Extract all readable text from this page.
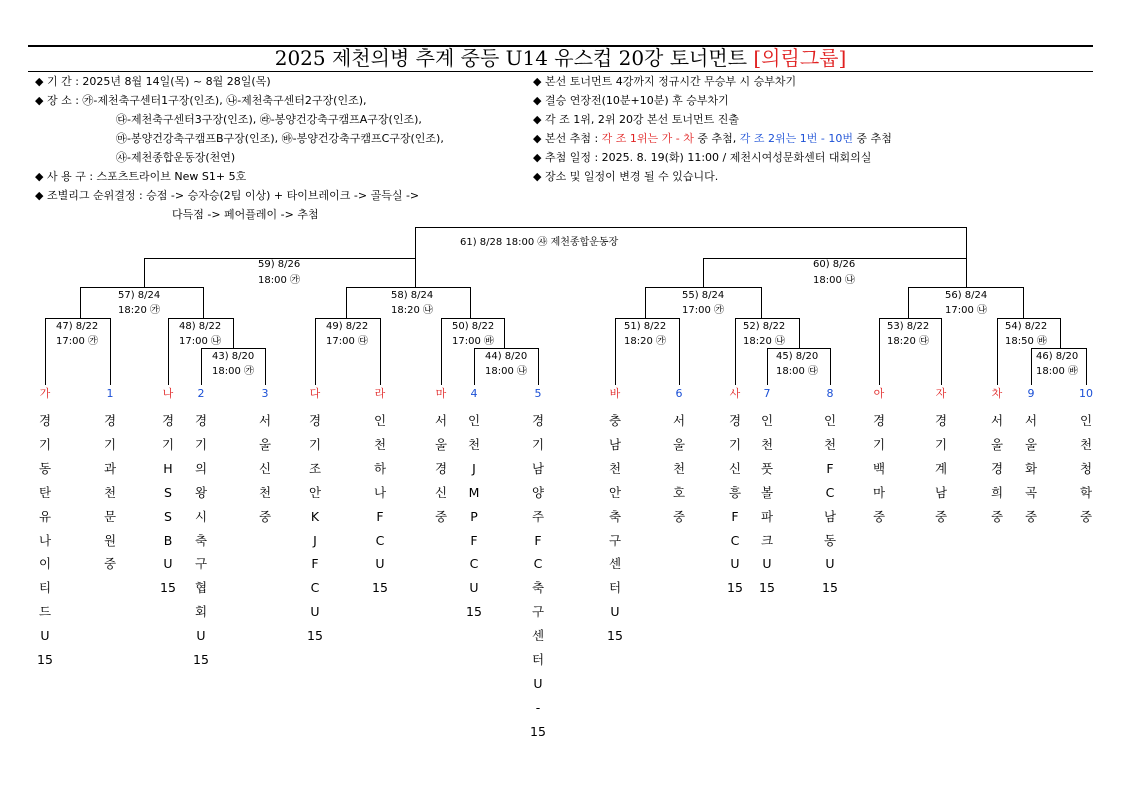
2025 제천의병 추계 중등 U14 유스컵 20강 토너먼트 [의림그룹]
◆ 기 간 : 2025년 8월 14일(목) ~ 8월 28일(목)
◆ 장 소 : ㉮-제천축구센터1구장(인조), ㉯-제천축구센터2구장(인조),
㉰-제천축구센터3구장(인조), ㉱-봉양건강축구캠프A구장(인조),
㉲-봉양건강축구캠프B구장(인조), ㉳-봉양건강축구캠프C구장(인조),
㉴-제천종합운동장(천연)
◆ 사 용 구 : 스포츠트라이브 New S1+ 5호
◆ 조별리그 순위결정 : 승점 -> 승자승(2팀 이상) + 타이브레이크 -> 골득실 ->
다득점 -> 페어플레이 -> 추첨
◆ 본선 토너먼트 4강까지 정규시간 무승부 시 승부차기
◆ 결승 연장전(10분+10분) 후 승부차기
◆ 각 조 1위, 2위 20강 본선 토너먼트 진출
◆ 본선 추첨 : 각 조 1위는 가 - 차 중 추첨, 각 조 2위는 1번 - 10번 중 추첨
◆ 추첨 일정 : 2025. 8. 19(화) 11:00 / 제천시여성문화센터 대회의실
◆ 장소 및 일정이 변경 될 수 있습니다.
61) 8/28 18:00 ㉴ 제천종합운동장
59) 8/26
18:00 ㉮
60) 8/26
18:00 ㉯
57) 8/24
18:20 ㉮
58) 8/24
18:20 ㉯
55) 8/24
17:00 ㉮
56) 8/24
17:00 ㉯
47) 8/22
17:00 ㉮
48) 8/22
17:00 ㉯
43) 8/20
18:00 ㉮
49) 8/22
17:00 ㉰
50) 8/22
17:00 ㉳
44) 8/20
18:00 ㉯
51) 8/22
18:20 ㉮
52) 8/22
18:20 ㉯
45) 8/20
18:00 ㉰
53) 8/22
18:20 ㉰
54) 8/22
18:50 ㉳
46) 8/20
18:00 ㉳
가	1	나	2	3	다	라	마	4	5	바	6	사	7	8	아	자	차	9	10
경
기
동
탄
유
나
이
티
드
U
15
경
기
과
천
문
원
중
경
기
H
S
S
B
U
15
경
기
의
왕
시
축
구
협
회
U
15
서
울
신
천
중
경
기
조
안
K
J
F
C
U
15
인
천
하
나
F
C
U
15
서
울
경
신
중
인
천
J
M
P
F
C
U
15
경
기
남
양
주
F
C
축
구
센
터
U
-
15
충
남
천
안
축
구
센
터
U
15
서
울
천
호
중
경
기
신
흥
F
C
U
15
인
천
풋
볼
파
크
U
15
인
천
F
C
남
동
U
15
경
기
백
마
중
경
기
계
남
중
서
울
경
희
중
서
울
화
곡
중
인
천
청
학
중
